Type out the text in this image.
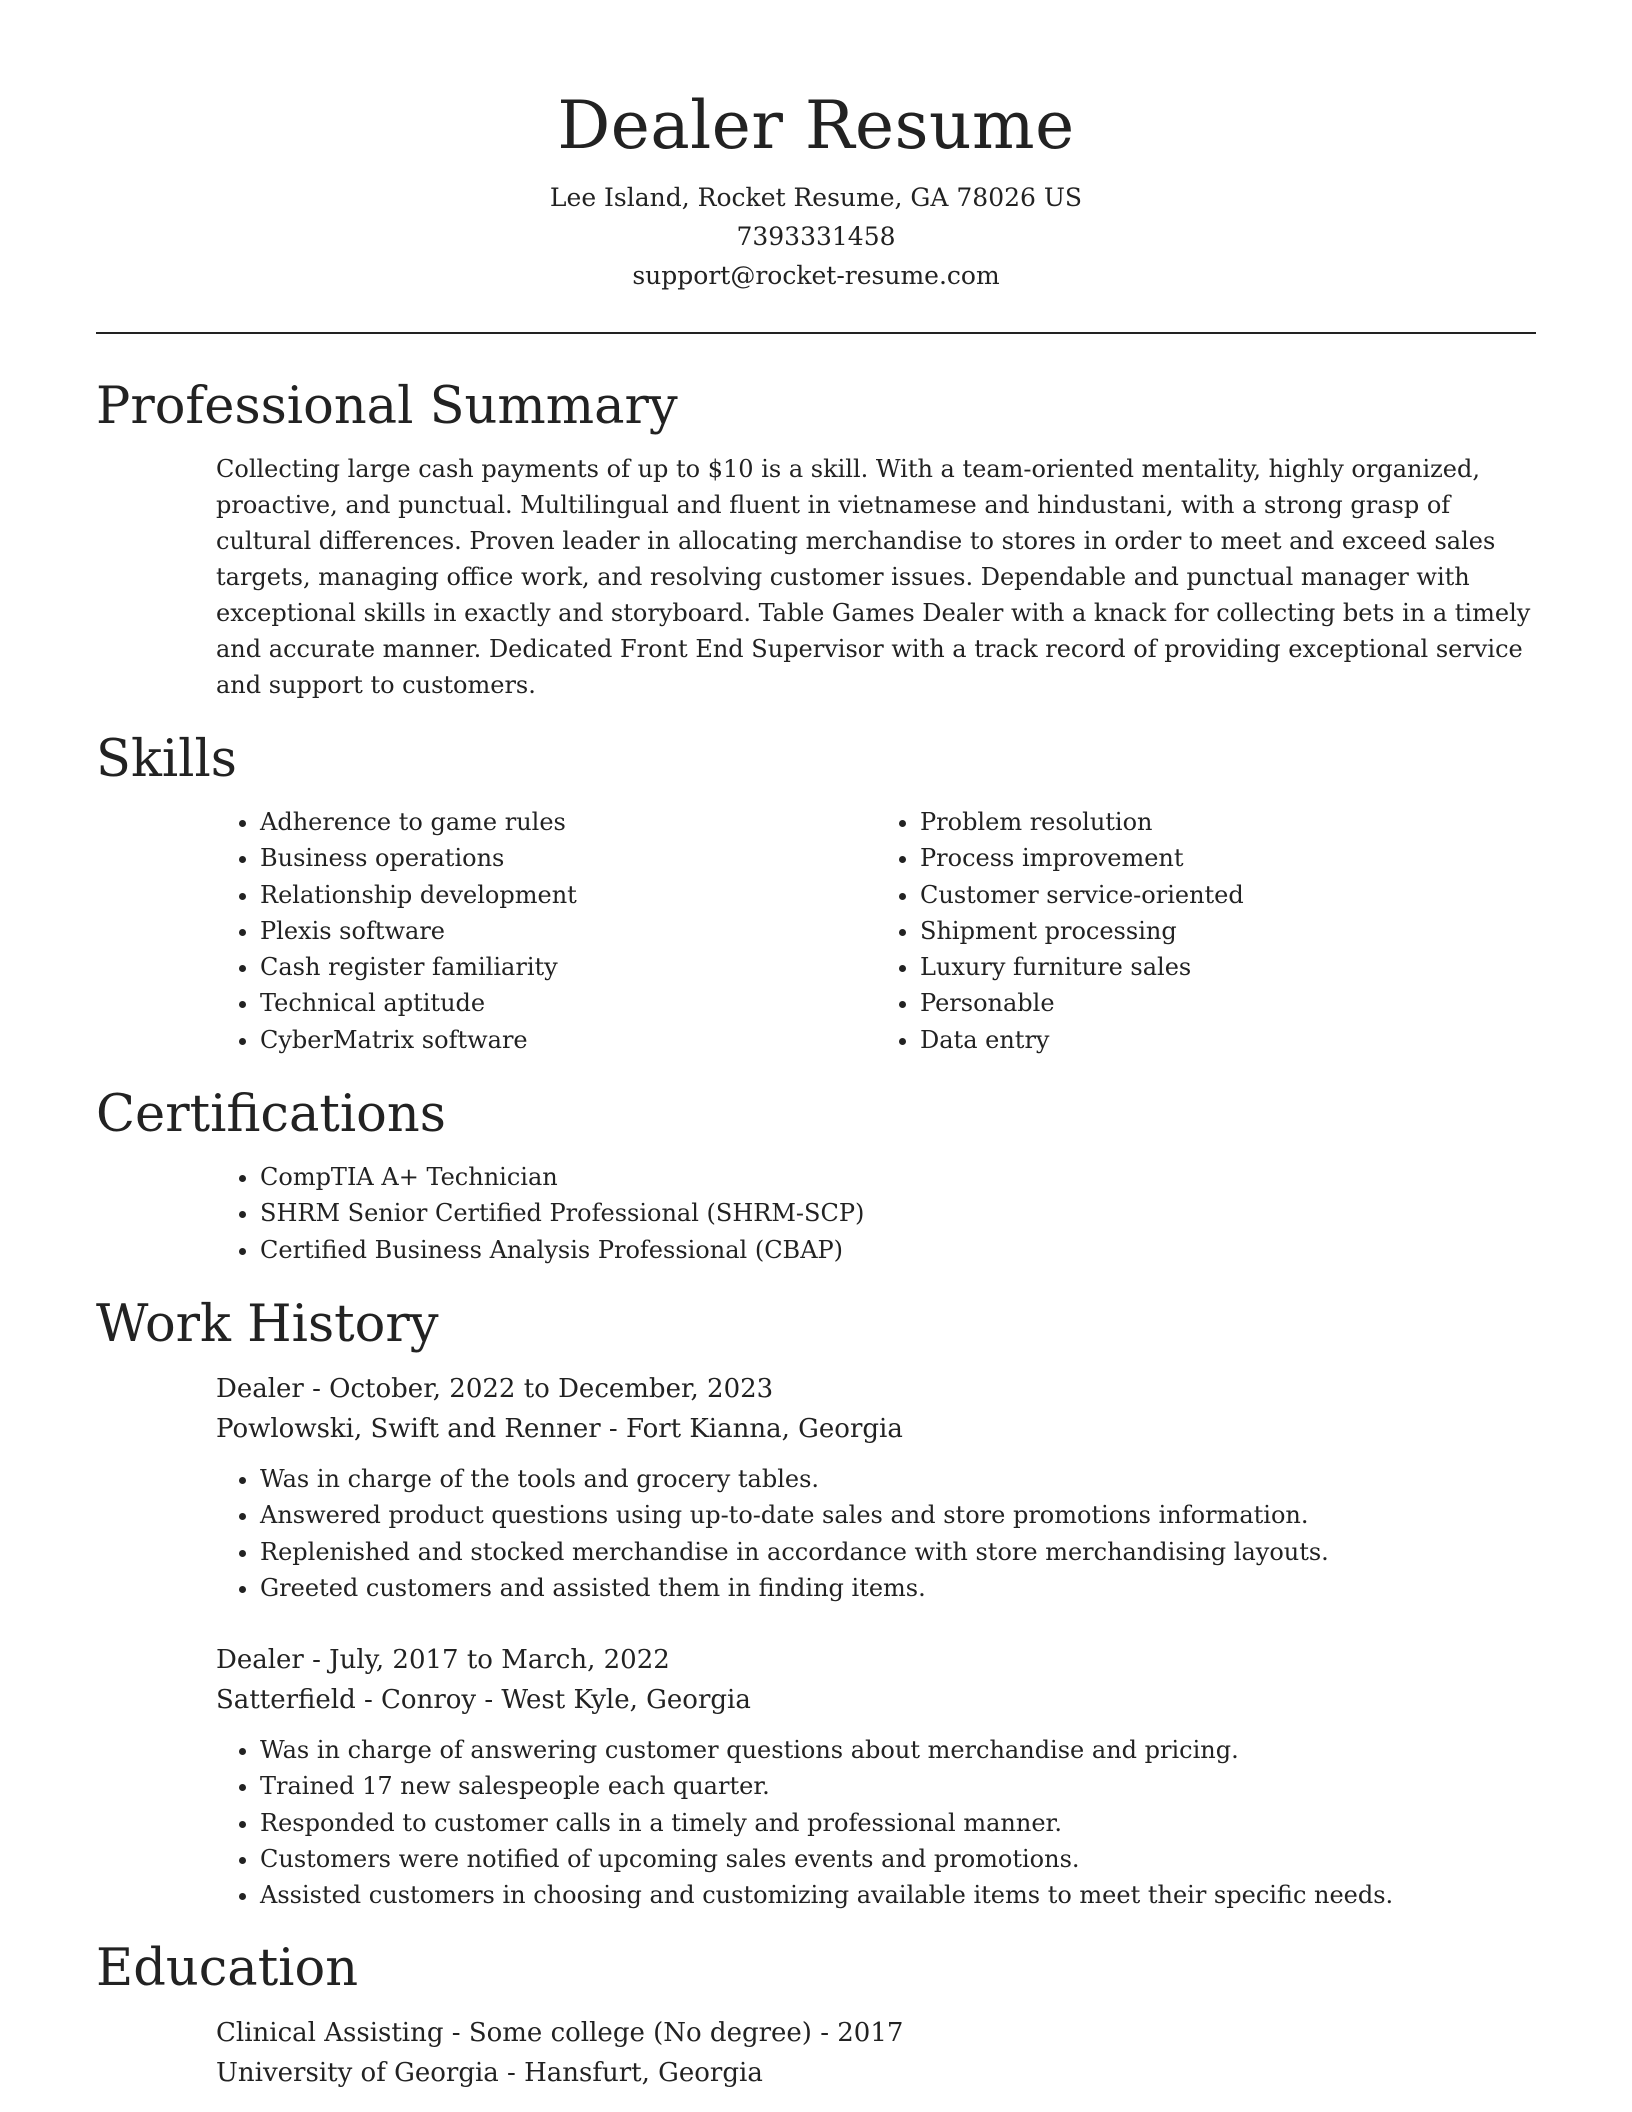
Dealer Resume
Lee Island, Rocket Resume, GA 78026 US
7393331458
support@rocket-resume.com
Professional Summary

Collecting large cash payments of up to $10 is a skill. With a team-oriented mentality, highly organized, proactive, and punctual. Multilingual and fluent in vietnamese and hindustani, with a strong grasp of cultural differences. Proven leader in allocating merchandise to stores in order to meet and exceed sales targets, managing office work, and resolving customer issues. Dependable and punctual manager with exceptional skills in exactly and storyboard. Table Games Dealer with a knack for collecting bets in a timely and accurate manner. Dedicated Front End Supervisor with a track record of providing exceptional service and support to customers.

Skills
• Adherence to game rules
• Business operations
• Relationship development
• Plexis software
• Cash register familiarity
• Technical aptitude
• CyberMatrix software
• Problem resolution
• Process improvement
• Customer service-oriented
• Shipment processing
• Luxury furniture sales
• Personable
• Data entry
Certifications
• CompTIA A+ Technician
• SHRM Senior Certified Professional (SHRM-SCP)
• Certified Business Analysis Professional (CBAP)
Work History

Dealer - October, 2022 to December, 2023

Powlowski, Swift and Renner - Fort Kianna, Georgia

• Was in charge of the tools and grocery tables.
• Answered product questions using up-to-date sales and store promotions information.
• Replenished and stocked merchandise in accordance with store merchandising layouts.
• Greeted customers and assisted them in finding items.

Dealer - July, 2017 to March, 2022

Satterfield - Conroy - West Kyle, Georgia

• Was in charge of answering customer questions about merchandise and pricing.
• Trained 17 new salespeople each quarter.
• Responded to customer calls in a timely and professional manner.
• Customers were notified of upcoming sales events and promotions.
• Assisted customers in choosing and customizing available items to meet their specific needs.
Education

Clinical Assisting - Some college (No degree) - 2017

University of Georgia - Hansfurt, Georgia
